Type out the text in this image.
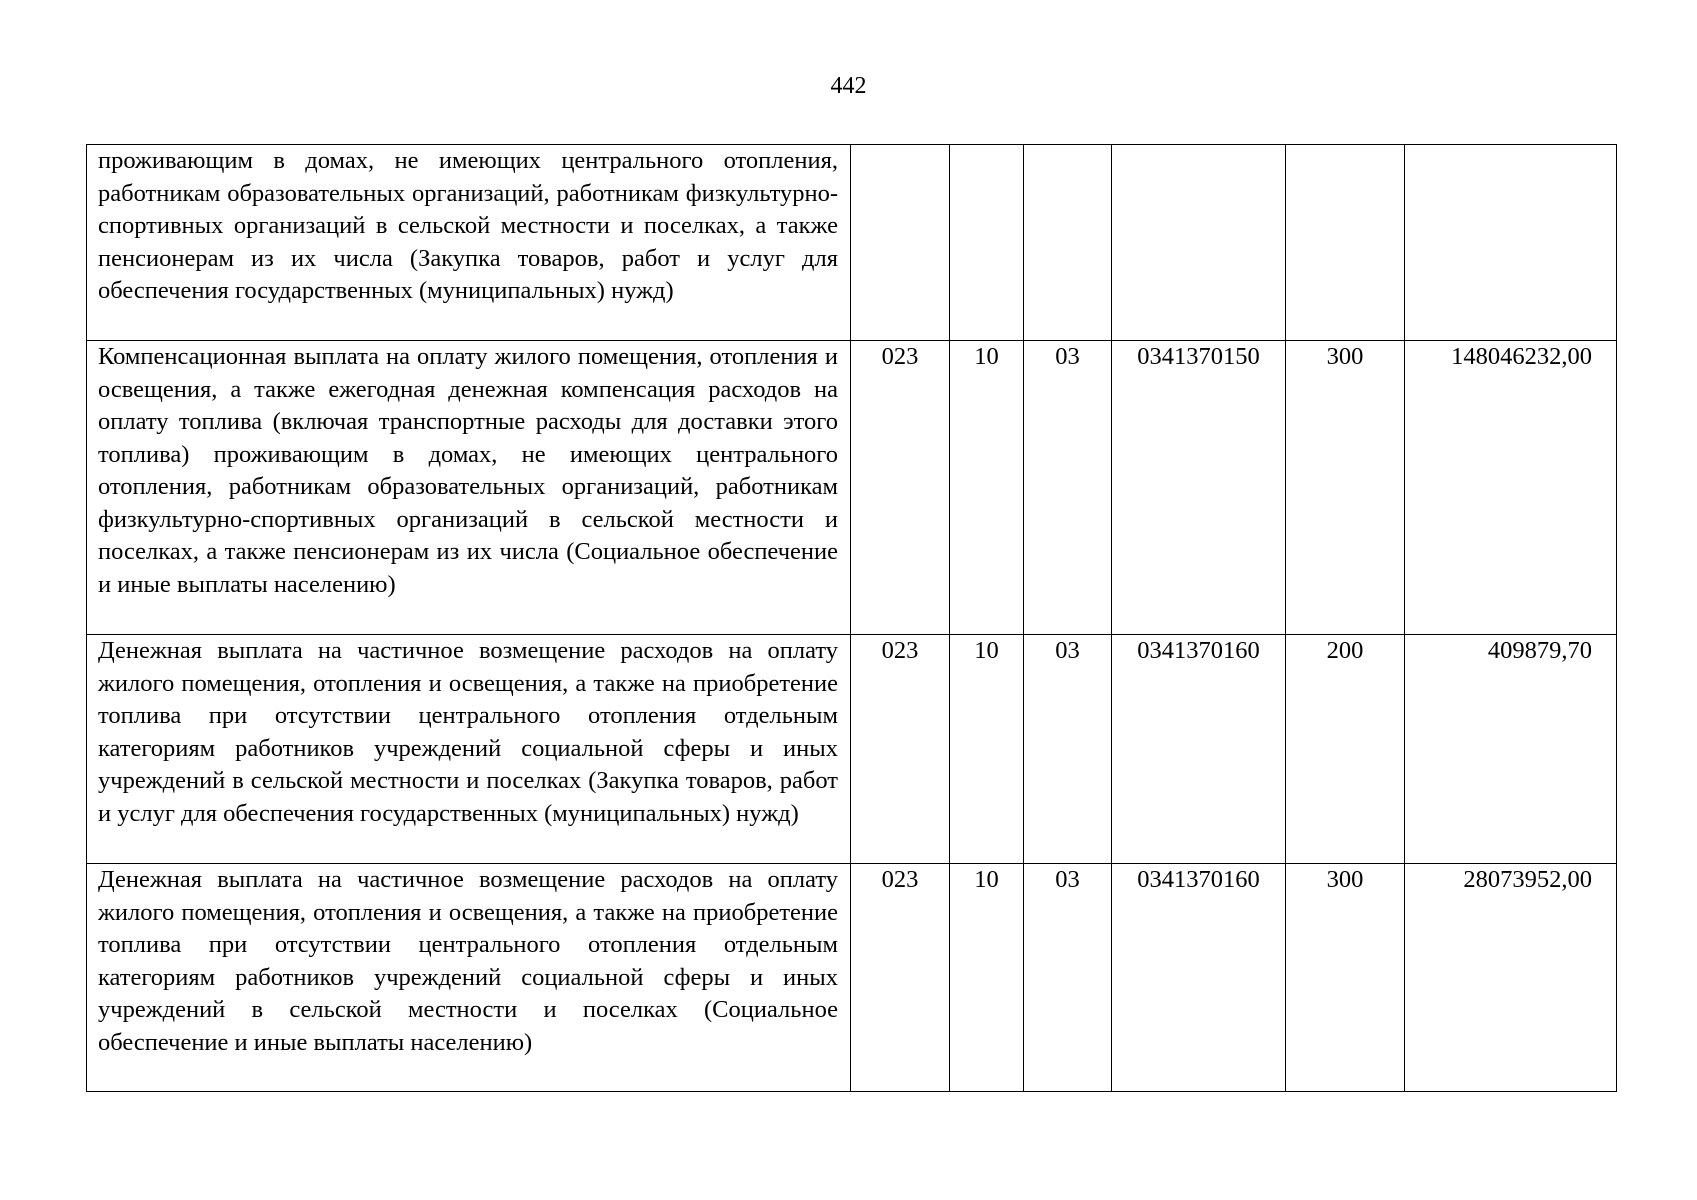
442
проживающим в домах, не имеющих центрального отопления, работникам образовательных организаций, работникам физкультурно-спортивных организаций в сельской местности и поселках, а также пенсионерам из их числа (Закупка товаров, работ и услуг для обеспечения государственных (муниципальных) нужд)						
Компенсационная выплата на оплату жилого помещения, отопления и освещения, а также ежегодная денежная компенсация расходов на оплату топлива (включая транспортные расходы для доставки этого топлива) проживающим в домах, не имеющих центрального отопления, работникам образовательных организаций, работникам физкультурно-спортивных организаций в сельской местности и поселках, а также пенсионерам из их числа (Социальное обеспечение и иные выплаты населению)	023	10	03	0341370150	300	148046232,00
Денежная выплата на частичное возмещение расходов на оплату жилого помещения, отопления и освещения, а также на приобретение топлива при отсутствии центрального отопления отдельным категориям работников учреждений социальной сферы и иных учреждений в сельской местности и поселках (Закупка товаров, работ и услуг для обеспечения государственных (муниципальных) нужд)	023	10	03	0341370160	200	409879,70
Денежная выплата на частичное возмещение расходов на оплату жилого помещения, отопления и освещения, а также на приобретение топлива при отсутствии центрального отопления отдельным категориям работников учреждений социальной сферы и иных учреждений в сельской местности и поселках (Социальное обеспечение и иные выплаты населению)	023	10	03	0341370160	300	28073952,00
